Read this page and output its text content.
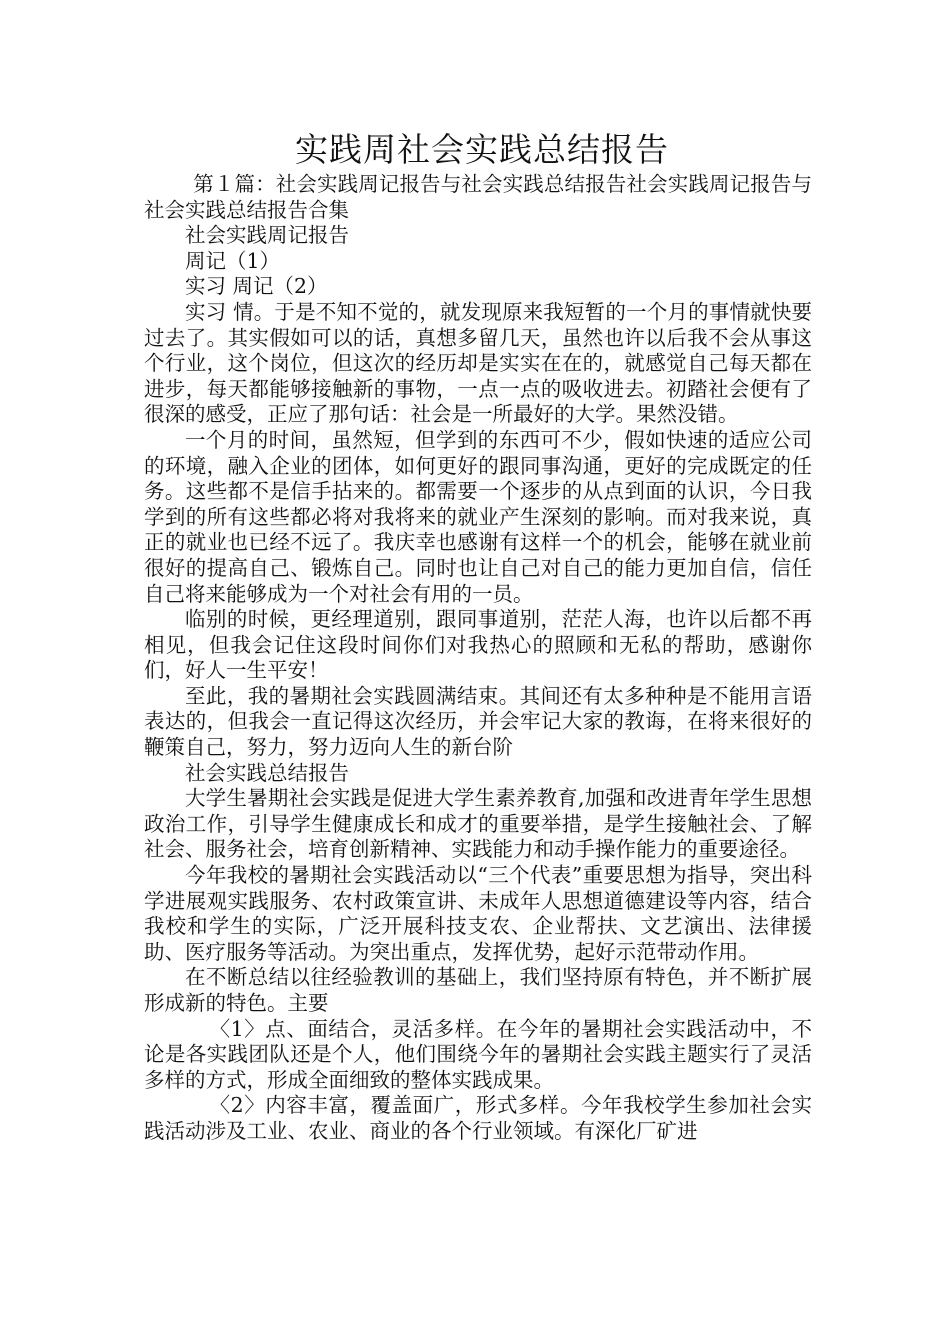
实践周社会实践总结报告

第１篇：社会实践周记报告与社会实践总结报告社会实践周记报告与社会实践总结报告合集

社会实践周记报告

周记（1）

实习 周记（2）

实习 情。于是不知不觉的，就发现原来我短暂的一个月的事情就快要过去了。其实假如可以的话，真想多留几天，虽然也许以后我不会从事这个行业，这个岗位，但这次的经历却是实实在在的，就感觉自己每天都在进步，每天都能够接触新的事物，一点一点的吸收进去。初踏社会便有了很深的感受，正应了那句话：社会是一所最好的大学。果然没错。

一个月的时间，虽然短，但学到的东西可不少，假如快速的适应公司的环境，融入企业的团体，如何更好的跟同事沟通，更好的完成既定的任务。这些都不是信手拈来的。都需要一个逐步的从点到面的认识，今日我学到的所有这些都必将对我将来的就业产生深刻的影响。而对我来说，真正的就业也已经不远了。我庆幸也感谢有这样一个的机会，能够在就业前很好的提高自己、锻炼自己。同时也让自己对自己的能力更加自信，信任自己将来能够成为一个对社会有用的一员。

临别的时候，更经理道别，跟同事道别，茫茫人海，也许以后都不再相见，但我会记住这段时间你们对我热心的照顾和无私的帮助，感谢你们，好人一生平安！

至此，我的暑期社会实践圆满结束。其间还有太多种种是不能用言语表达的，但我会一直记得这次经历，并会牢记大家的教诲，在将来很好的鞭策自己，努力，努力迈向人生的新台阶

社会实践总结报告

大学生暑期社会实践是促进大学生素养教育,加强和改进青年学生思想政治工作，引导学生健康成长和成才的重要举措，是学生接触社会、了解社会、服务社会，培育创新精神、实践能力和动手操作能力的重要途径。

今年我校的暑期社会实践活动以“三个代表”重要思想为指导，突出科学进展观实践服务、农村政策宣讲、未成年人思想道德建设等内容，结合我校和学生的实际，广泛开展科技支农、企业帮扶、文艺演出、法律援助、医疗服务等活动。为突出重点，发挥优势，起好示范带动作用。

在不断总结以往经验教训的基础上，我们坚持原有特色，并不断扩展形成新的特色。主要

〈1〉点、面结合，灵活多样。在今年的暑期社会实践活动中，不论是各实践团队还是个人，他们围绕今年的暑期社会实践主题实行了灵活多样的方式，形成全面细致的整体实践成果。

〈2〉内容丰富，覆盖面广，形式多样。今年我校学生参加社会实践活动涉及工业、农业、商业的各个行业领域。有深化厂矿进
